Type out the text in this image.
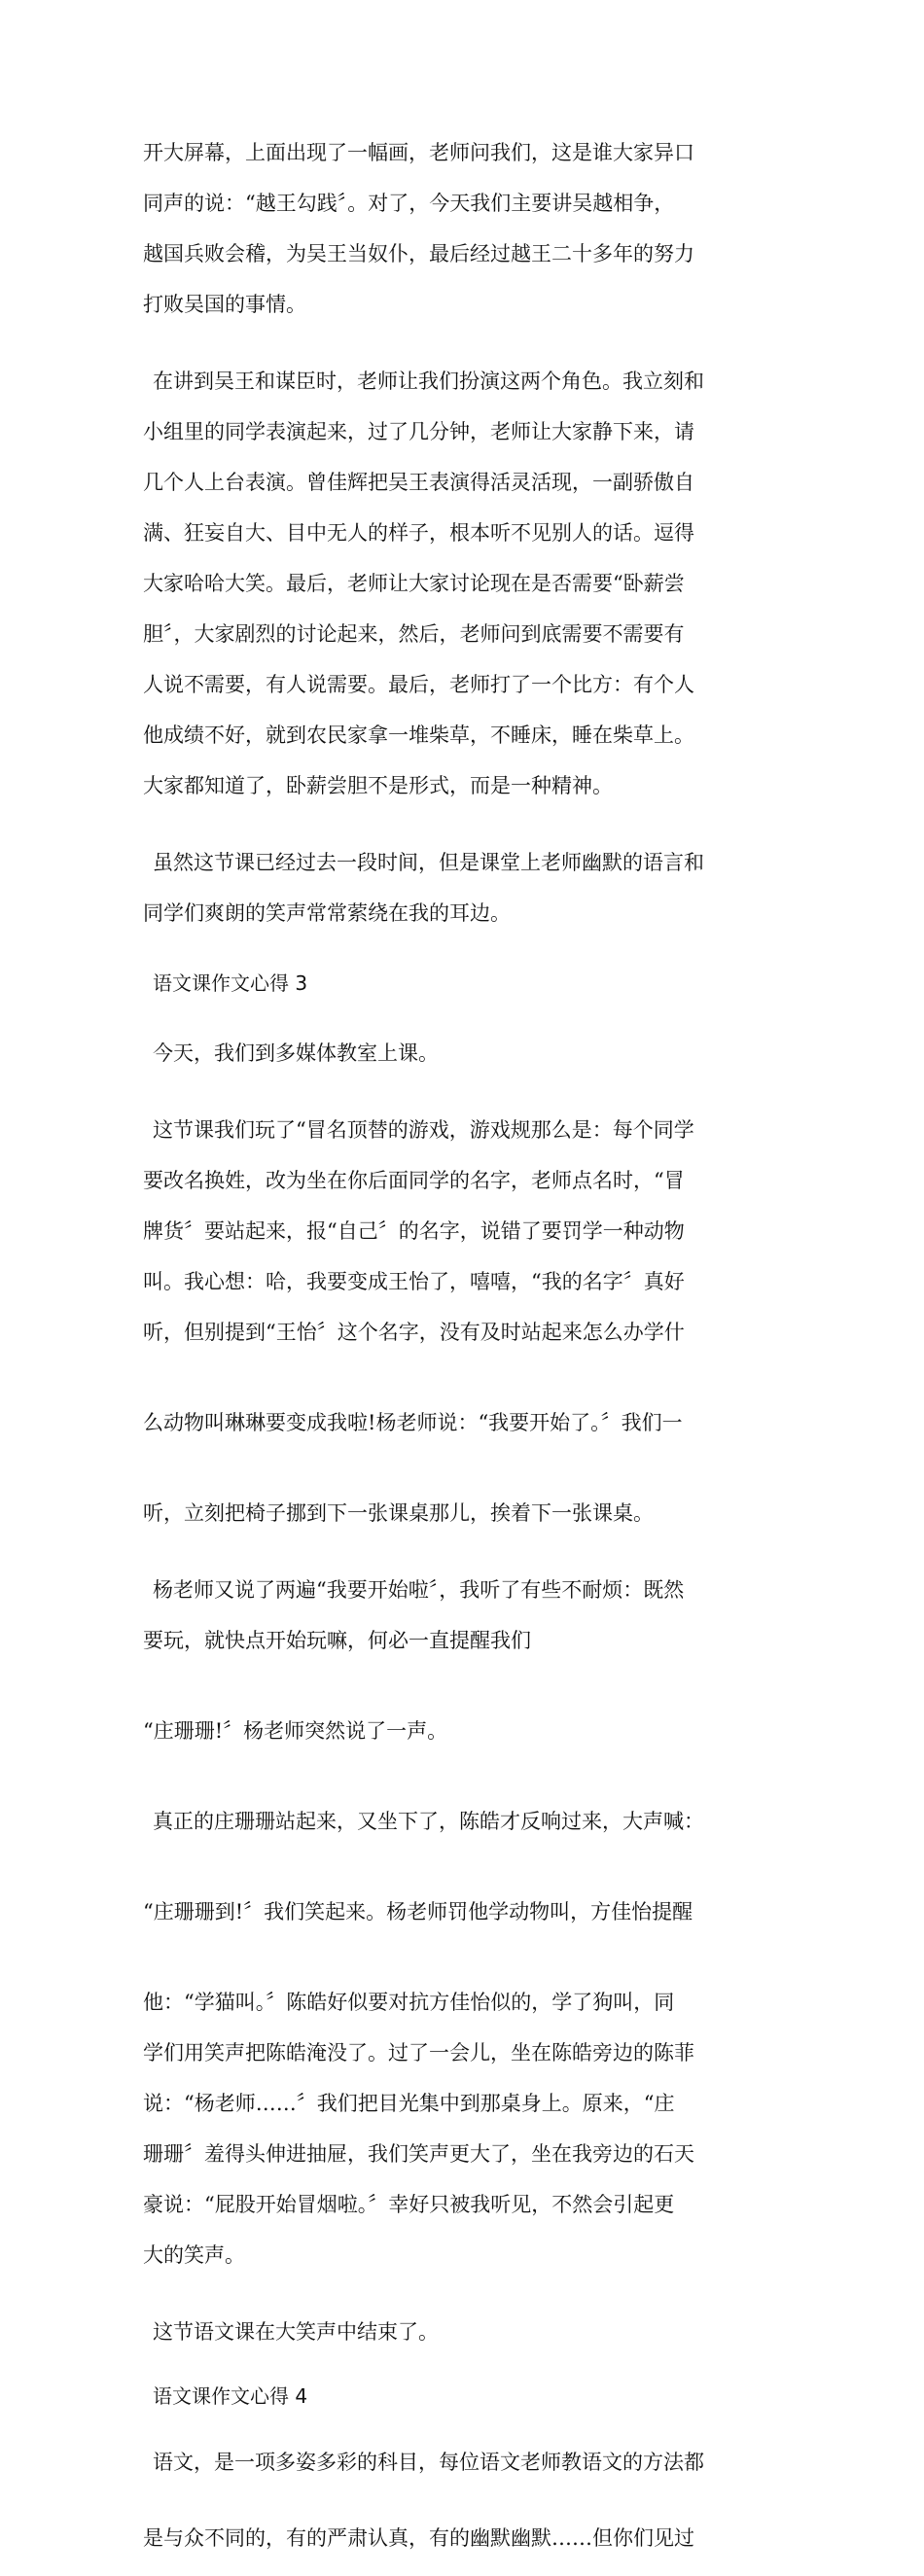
开大屏幕，上面出现了一幅画，老师问我们，这是谁大家异口

同声的说：“越王勾践〞。对了，今天我们主要讲吴越相争，

越国兵败会稽，为吴王当奴仆，最后经过越王二十多年的努力

打败吴国的事情。

在讲到吴王和谋臣时，老师让我们扮演这两个角色。我立刻和

小组里的同学表演起来，过了几分钟，老师让大家静下来，请

几个人上台表演。曾佳辉把吴王表演得活灵活现，一副骄傲自

满、狂妄自大、目中无人的样子，根本听不见别人的话。逗得

大家哈哈大笑。最后，老师让大家讨论现在是否需要“卧薪尝

胆〞，大家剧烈的讨论起来，然后，老师问到底需要不需要有

人说不需要，有人说需要。最后，老师打了一个比方：有个人

他成绩不好，就到农民家拿一堆柴草，不睡床，睡在柴草上。

大家都知道了，卧薪尝胆不是形式，而是一种精神。

虽然这节课已经过去一段时间，但是课堂上老师幽默的语言和

同学们爽朗的笑声常常萦绕在我的耳边。

语文课作文心得 3

今天，我们到多媒体教室上课。

这节课我们玩了“冒名顶替的游戏，游戏规那么是：每个同学

要改名换姓，改为坐在你后面同学的名字，老师点名时，“冒

牌货〞要站起来，报“自己〞的名字，说错了要罚学一种动物

叫。我心想：哈，我要变成王怡了，嘻嘻，“我的名字〞真好

听，但别提到“王怡〞这个名字，没有及时站起来怎么办学什

么动物叫琳琳要变成我啦!杨老师说：“我要开始了。〞我们一

听，立刻把椅子挪到下一张课桌那儿，挨着下一张课桌。

杨老师又说了两遍“我要开始啦〞，我听了有些不耐烦：既然

要玩，就快点开始玩嘛，何必一直提醒我们

“庄珊珊!〞杨老师突然说了一声。

真正的庄珊珊站起来，又坐下了，陈皓才反响过来，大声喊：

“庄珊珊到!〞我们笑起来。杨老师罚他学动物叫，方佳怡提醒

他：“学猫叫。〞陈皓好似要对抗方佳怡似的，学了狗叫，同

学们用笑声把陈皓淹没了。过了一会儿，坐在陈皓旁边的陈菲

说：“杨老师……〞我们把目光集中到那桌身上。原来，“庄

珊珊〞羞得头伸进抽屉，我们笑声更大了，坐在我旁边的石天

豪说：“屁股开始冒烟啦。〞幸好只被我听见，不然会引起更

大的笑声。

这节语文课在大笑声中结束了。

语文课作文心得 4

语文，是一项多姿多彩的科目，每位语文老师教语文的方法都

是与众不同的，有的严肃认真，有的幽默幽默……但你们见过
